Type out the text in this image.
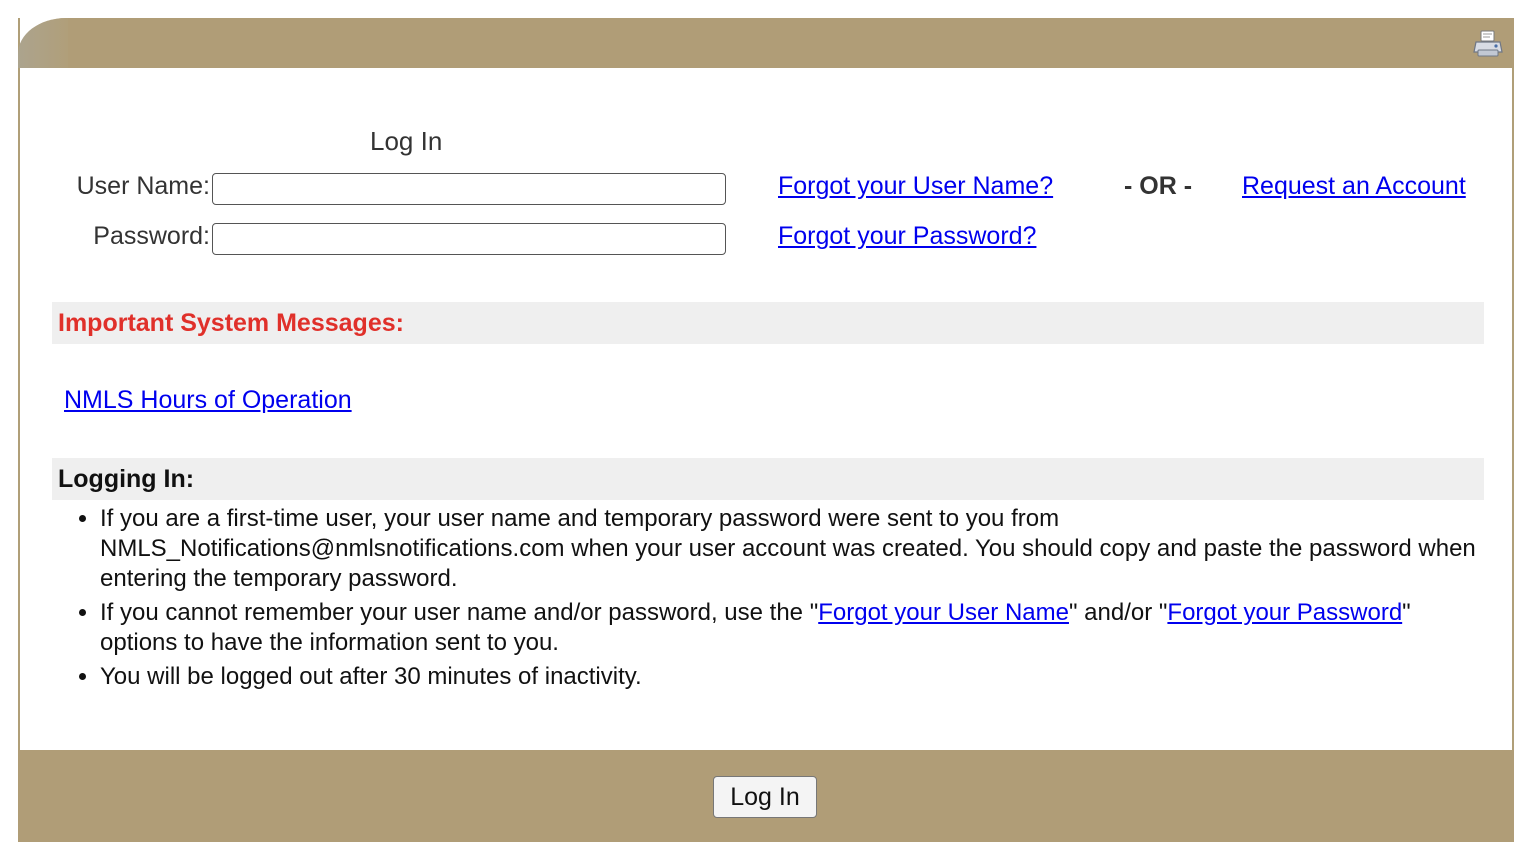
Log In
User Name:
Password:
Forgot your User Name?	- OR - Request an Account
Forgot your Password?
Important System Messages:
NMLS Hours of Operation
Logging In:
• If you are a first-time user, your user name and temporary password were sent to you from NMLS_Notifications@nmlsnotifications.com when your user account was created. You should copy and paste the password when entering the temporary password.
• If you cannot remember your user name and/or password, use the "Forgot your User Name" and/or "Forgot your Password" options to have the information sent to you.
• You will be logged out after 30 minutes of inactivity.
Log In
